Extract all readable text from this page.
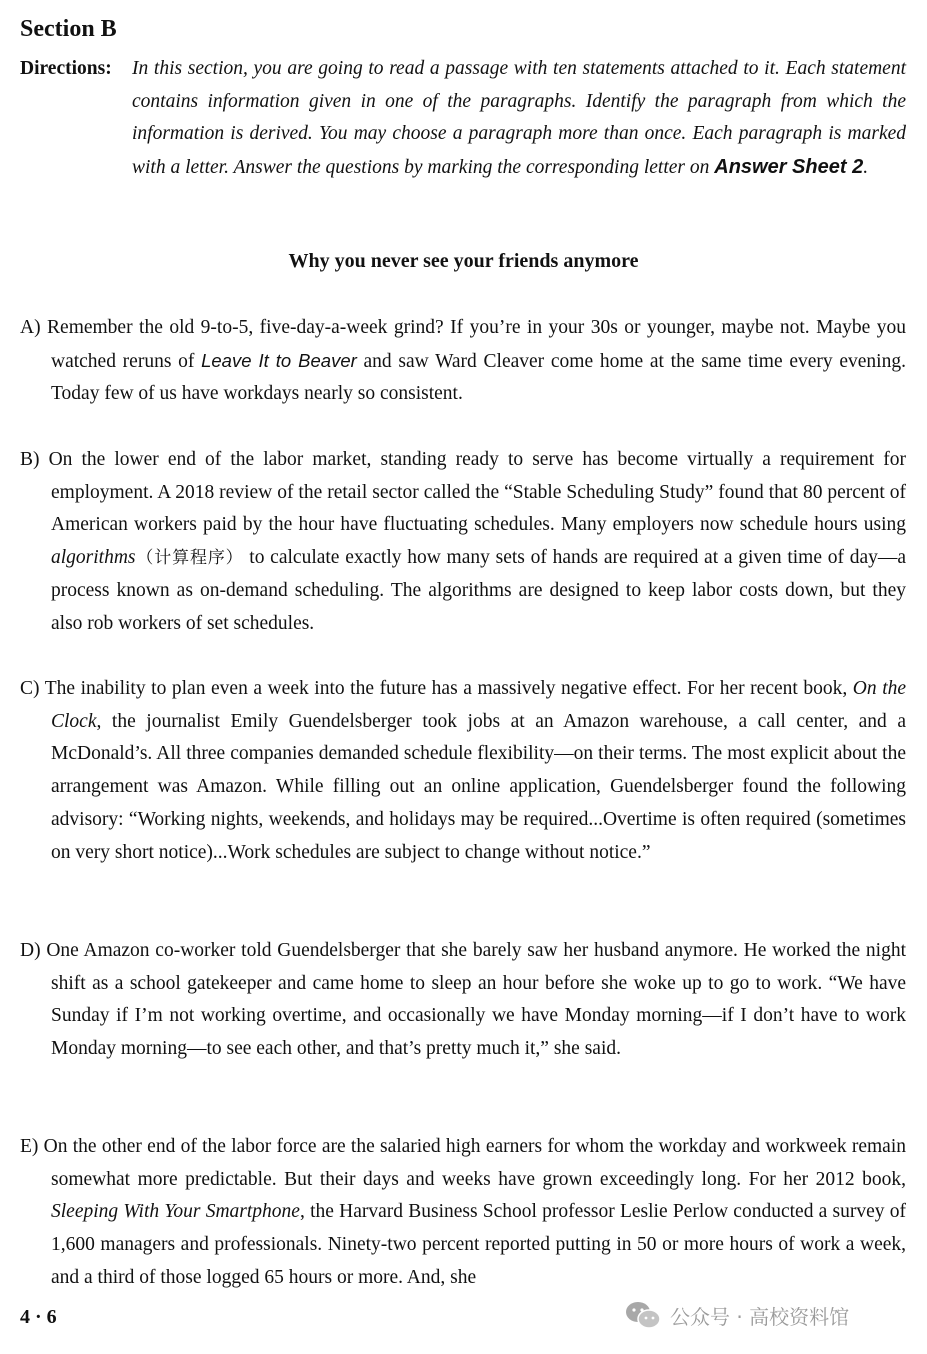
Section B
Directions: In this section, you are going to read a passage with ten statements attached to it. Each statement contains information given in one of the paragraphs. Identify the paragraph from which the information is derived. You may choose a paragraph more than once. Each paragraph is marked with a letter. Answer the questions by marking the corresponding letter on Answer Sheet 2.
Why you never see your friends anymore

A) Remember the old 9-to-5, five-day-a-week grind? If you’re in your 30s or younger, maybe not. Maybe you watched reruns of Leave It to Beaver and saw Ward Cleaver come home at the same time every evening. Today few of us have workdays nearly so consistent.

B) On the lower end of the labor market, standing ready to serve has become virtually a requirement for employment. A 2018 review of the retail sector called the “Stable Scheduling Study” found that 80 percent of American workers paid by the hour have fluctuating schedules. Many employers now schedule hours using algorithms（计算程序） to calculate exactly how many sets of hands are required at a given time of day—a process known as on-demand scheduling. The algorithms are designed to keep labor costs down, but they also rob workers of set schedules.

C) The inability to plan even a week into the future has a massively negative effect. For her recent book, On the Clock, the journalist Emily Guendelsberger took jobs at an Amazon warehouse, a call center, and a McDonald’s. All three companies demanded schedule flexibility—on their terms. The most explicit about the arrangement was Amazon. While filling out an online application, Guendelsberger found the following advisory: “Working nights, weekends, and holidays may be required...Overtime is often required (sometimes on very short notice)...Work schedules are subject to change without notice.”

D) One Amazon co-worker told Guendelsberger that she barely saw her husband anymore. He worked the night shift as a school gatekeeper and came home to sleep an hour before she woke up to go to work. “We have Sunday if I’m not working overtime, and occasionally we have Monday morning—if I don’t have to work Monday morning—to see each other, and that’s pretty much it,” she said.

E) On the other end of the labor force are the salaried high earners for whom the workday and workweek remain somewhat more predictable. But their days and weeks have grown exceedingly long. For her 2012 book, Sleeping With Your Smartphone, the Harvard Business School professor Leslie Perlow conducted a survey of 1,600 managers and professionals. Ninety-two percent reported putting in 50 or more hours of work a week, and a third of those logged 65 hours or more. And, she

4 · 6	公众号 · 高校资料馆
